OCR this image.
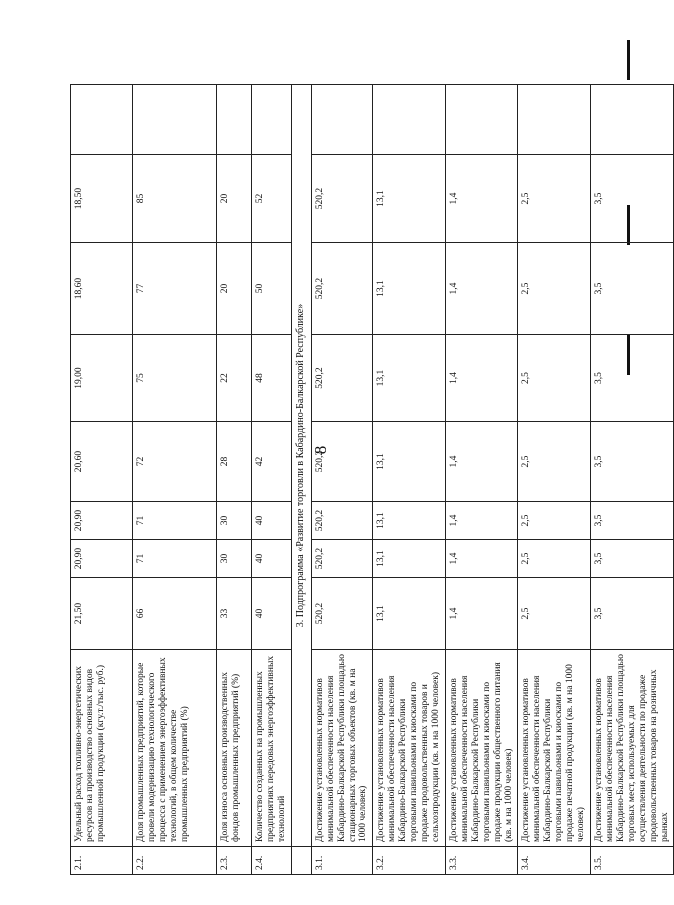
8
2.1.	Удельный расход топливно-энергетических ресурсов на производство основных видов промышленной продукции (кгу.т./тыс. руб.)	21,50	20,90	20,90	20,60	19,00	18,60	18,50	
2.2.	Доля промышленных предприятий, которые провели модернизацию технологического процесса с применением энергоэффективных технологий, в общем количестве промышленных предприятий (%)	66	71	71	72	75	77	85	
2.3.	Доля износа основных производственных фондов промышленных предприятий (%)	33	30	30	28	22	20	20	
2.4.	Количество созданных на промышленных предприятиях передовых энергоэффективных технологий	40	40	40	42	48	50	52	
	3. Подпрограмма «Развитие торговли в Кабардино-Балкарской Республике»								
3.1.	Достижение установленных нормативов минимальной обеспеченности населения Кабардино-Балкарской Республики площадью стационарных торговых объектов (кв. м на 1000 человек)	520,2	520,2	520,2	520,2	520,2	520,2	520,2	
3.2.	Достижение установленных нормативов минимальной обеспеченности населения Кабардино-Балкарской Республики торговыми павильонами и киосками по продаже продовольственных товаров и сельхозпродукции (кв. м на 1000 человек)	13,1	13,1	13,1	13,1	13,1	13,1	13,1	
3.3.	Достижение установленных нормативов минимальной обеспеченности населения Кабардино-Балкарской Республики торговыми павильонами и киосками по продаже продукции общественного питания (кв. м на 1000 человек)	1,4	1,4	1,4	1,4	1,4	1,4	1,4	
3.4.	Достижение установленных нормативов минимальной обеспеченности населения Кабардино-Балкарской Республики торговыми павильонами и киосками по продаже печатной продукции (кв. м на 1000 человек)	2,5	2,5	2,5	2,5	2,5	2,5	2,5	
3.5.	Достижение установленных нормативов минимальной обеспеченности населения Кабардино-Балкарской Республики площадью торговых мест, используемых для осуществления деятельности по продаже продовольственных товаров на розничных рынках	3,5	3,5	3,5	3,5	3,5	3,5	3,5	
